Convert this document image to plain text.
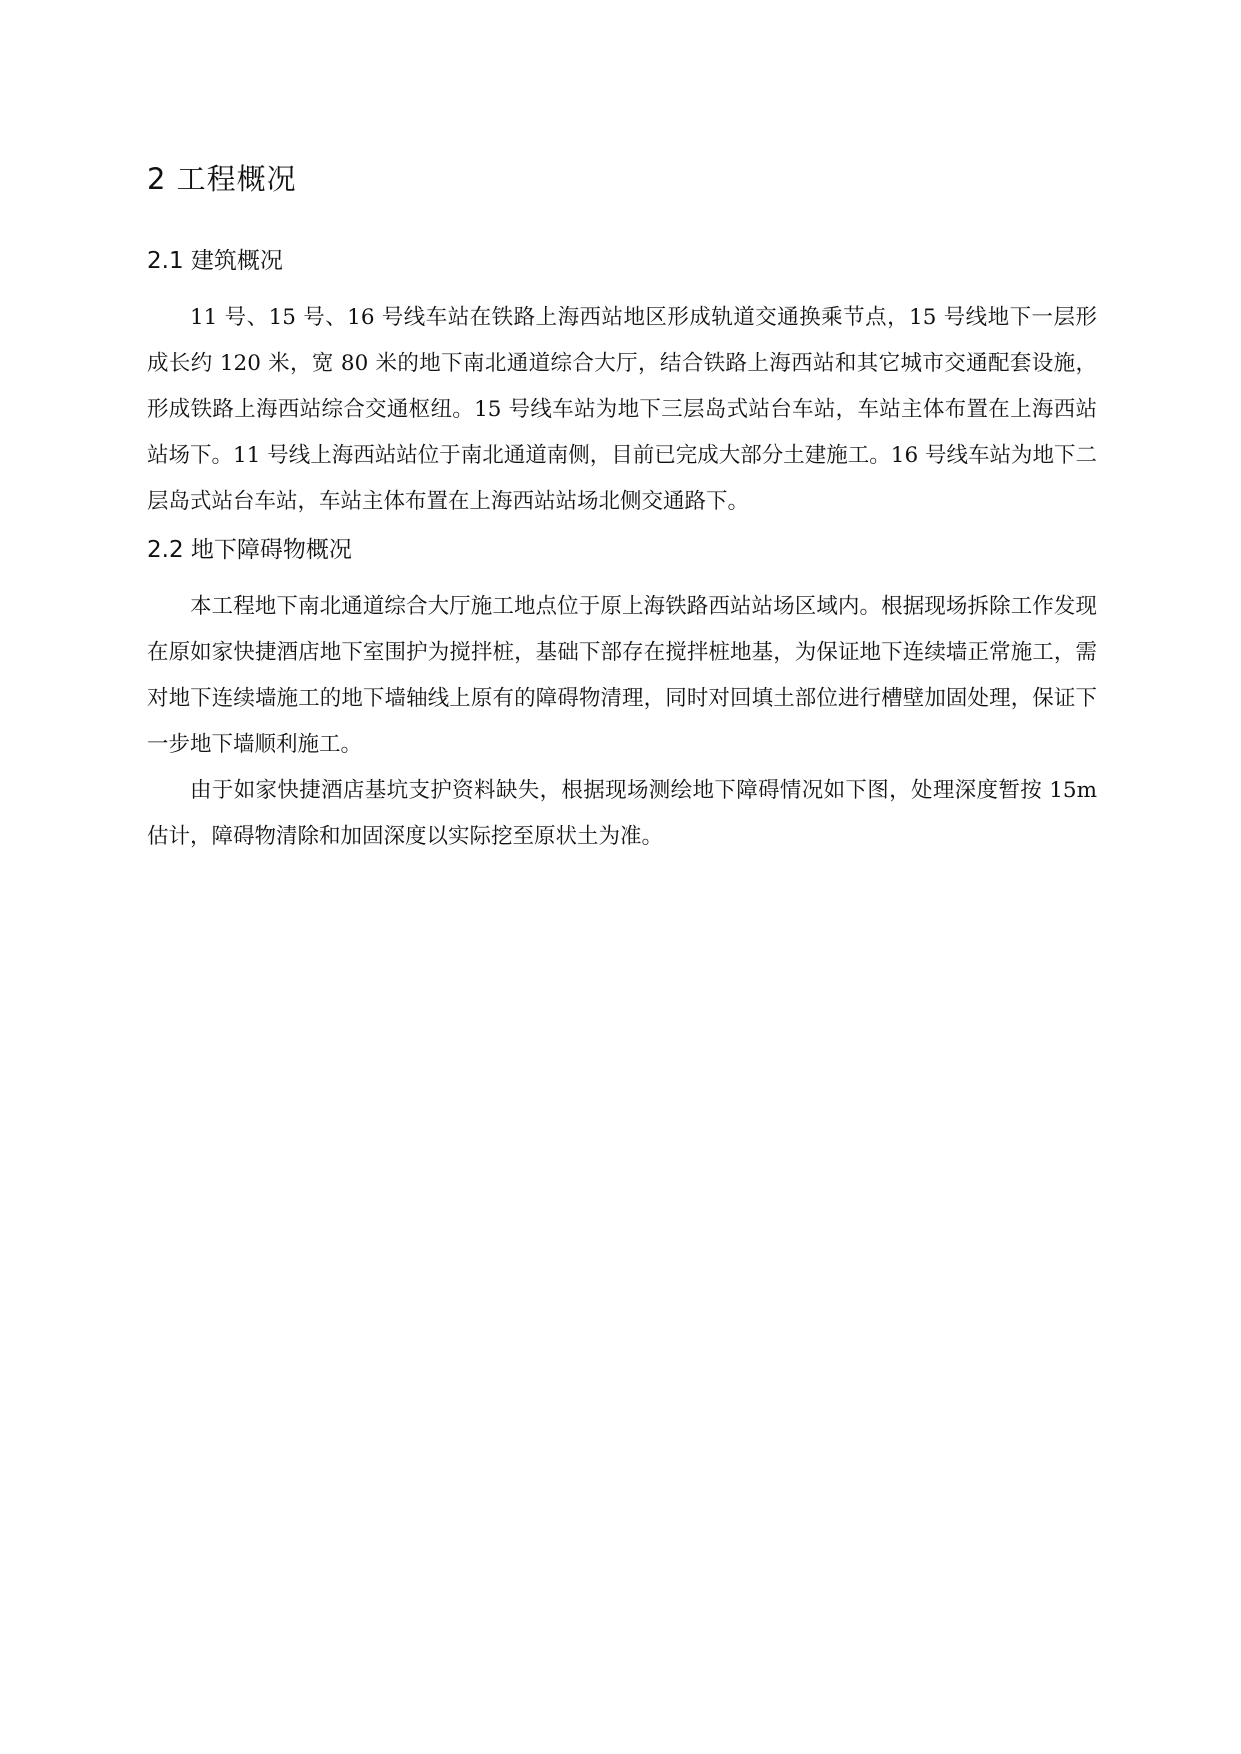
2 工程概况
2.1 建筑概况

11 号、15 号、16 号线车站在铁路上海西站地区形成轨道交通换乘节点，15 号线地下一层形成长约 120 米，宽 80 米的地下南北通道综合大厅，结合铁路上海西站和其它城市交通配套设施，形成铁路上海西站综合交通枢纽。15 号线车站为地下三层岛式站台车站，车站主体布置在上海西站站场下。11 号线上海西站站位于南北通道南侧，目前已完成大部分土建施工。16 号线车站为地下二层岛式站台车站，车站主体布置在上海西站站场北侧交通路下。

2.2 地下障碍物概况

本工程地下南北通道综合大厅施工地点位于原上海铁路西站站场区域内。根据现场拆除工作发现在原如家快捷酒店地下室围护为搅拌桩，基础下部存在搅拌桩地基，为保证地下连续墙正常施工，需对地下连续墙施工的地下墙轴线上原有的障碍物清理，同时对回填土部位进行槽壁加固处理，保证下一步地下墙顺利施工。

由于如家快捷酒店基坑支护资料缺失，根据现场测绘地下障碍情况如下图，处理深度暂按 15m 估计，障碍物清除和加固深度以实际挖至原状土为准。
